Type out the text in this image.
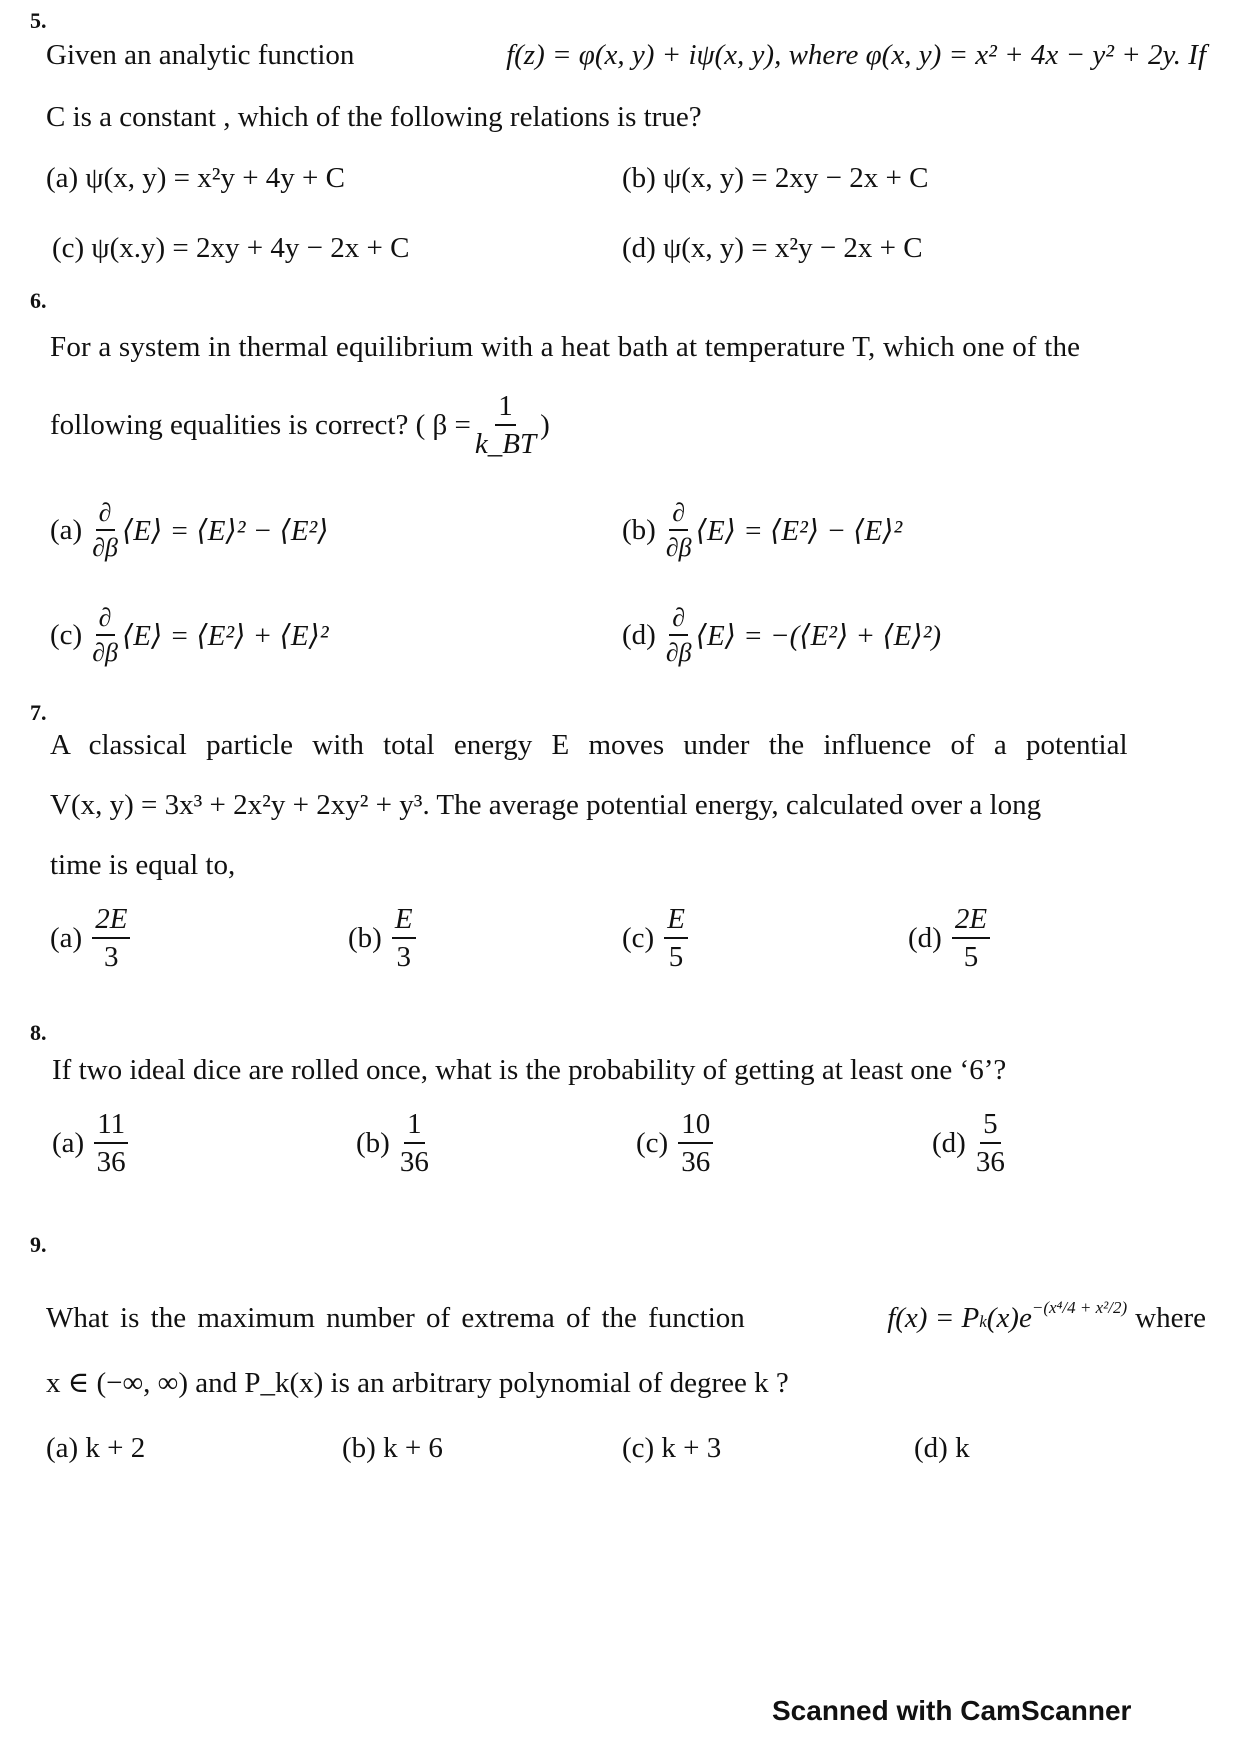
5.
Given an analytic function	f(z) = φ(x, y) + iψ(x, y), where φ(x, y) = x² + 4x − y² + 2y. If
C is a constant , which of the following relations is true?
(a) ψ(x, y) = x²y + 4y + C	(b) ψ(x, y) = 2xy − 2x + C
(c) ψ(x.y) = 2xy + 4y − 2x + C	(d) ψ(x, y) = x²y − 2x + C
6.
For a system in thermal equilibrium with a heat bath at temperature T, which one of the
following equalities is correct? ( $\beta = \frac{1}{k\_BT}$ )
$(a) \frac{\partial}{\partial\beta}$ ⟨E⟩ = ⟨E⟩² − ⟨E²⟩	$(b) \frac{\partial}{\partial\beta}$ ⟨E⟩ = ⟨E²⟩ − ⟨E⟩²
$(c) \frac{\partial}{\partial\beta}$ ⟨E⟩ = ⟨E²⟩ + ⟨E⟩²	$(d) \frac{\partial}{\partial\beta}$ ⟨E⟩ = −(⟨E²⟩ + ⟨E⟩²)
7.
A classical particle with total energy E moves under the influence of a potential
V(x, y) = 3x³ + 2x²y + 2xy² + y³. The average potential energy, calculated over a long
time is equal to,
$(a) \frac{2E}{3}$	$(b) \frac{E}{3}$	$(c) \frac{E}{5}$	$(d) \frac{2E}{5}$
8.
If two ideal dice are rolled once, what is the probability of getting at least one ‘6’?
$(a) \frac{11}{36}$	$(b) \frac{1}{36}$	$(c) \frac{10}{36}$	$(d) \frac{5}{36}$
9.
What is the maximum number of extrema of the function	f(x) = P k $(x)e^{-(x^4/4 + x^2/2)}$ where
x ∈ (−∞, ∞) and P_k(x) is an arbitrary polynomial of degree k ?
(a) k + 2	(b) k + 6	(c) k + 3	(d) k
Scanned with CamScanner
